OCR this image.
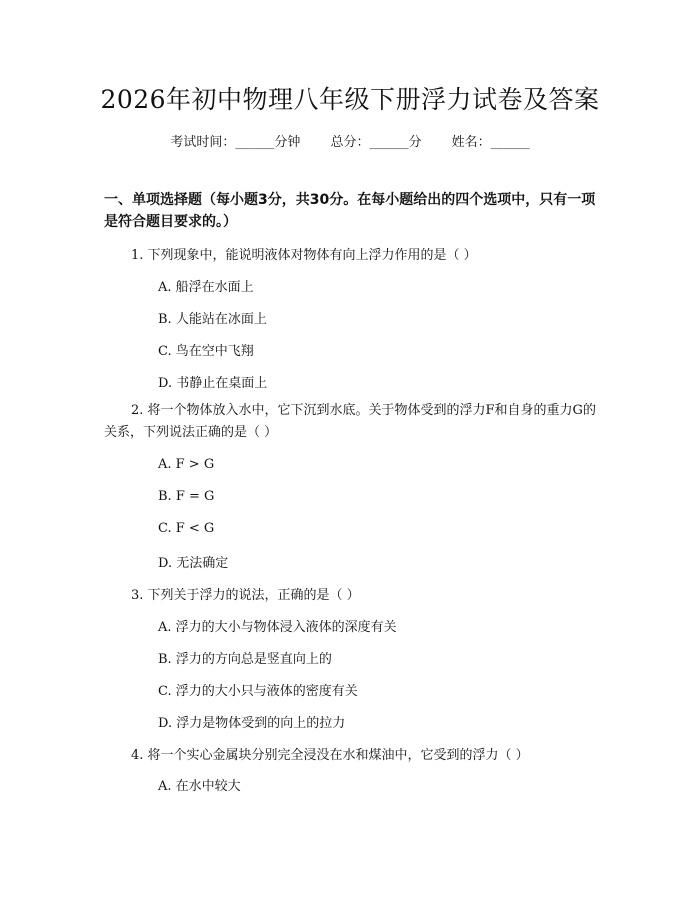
2026年初中物理八年级下册浮力试卷及答案
考试时间：______分钟 总分：______分 姓名：______
一、单项选择题（每小题3分，共30分。在每小题给出的四个选项中，只有一项是符合题目要求的。）
1. 下列现象中，能说明液体对物体有向上浮力作用的是（ ）
A. 船浮在水面上
B. 人能站在冰面上
C. 鸟在空中飞翔
D. 书静止在桌面上
2. 将一个物体放入水中，它下沉到水底。关于物体受到的浮力F和自身的重力G的关系，下列说法正确的是（ ）
A. F > G
B. F = G
C. F < G
D. 无法确定
3. 下列关于浮力的说法，正确的是（ ）
A. 浮力的大小与物体浸入液体的深度有关
B. 浮力的方向总是竖直向上的
C. 浮力的大小只与液体的密度有关
D. 浮力是物体受到的向上的拉力
4. 将一个实心金属块分别完全浸没在水和煤油中，它受到的浮力（ ）
A. 在水中较大
